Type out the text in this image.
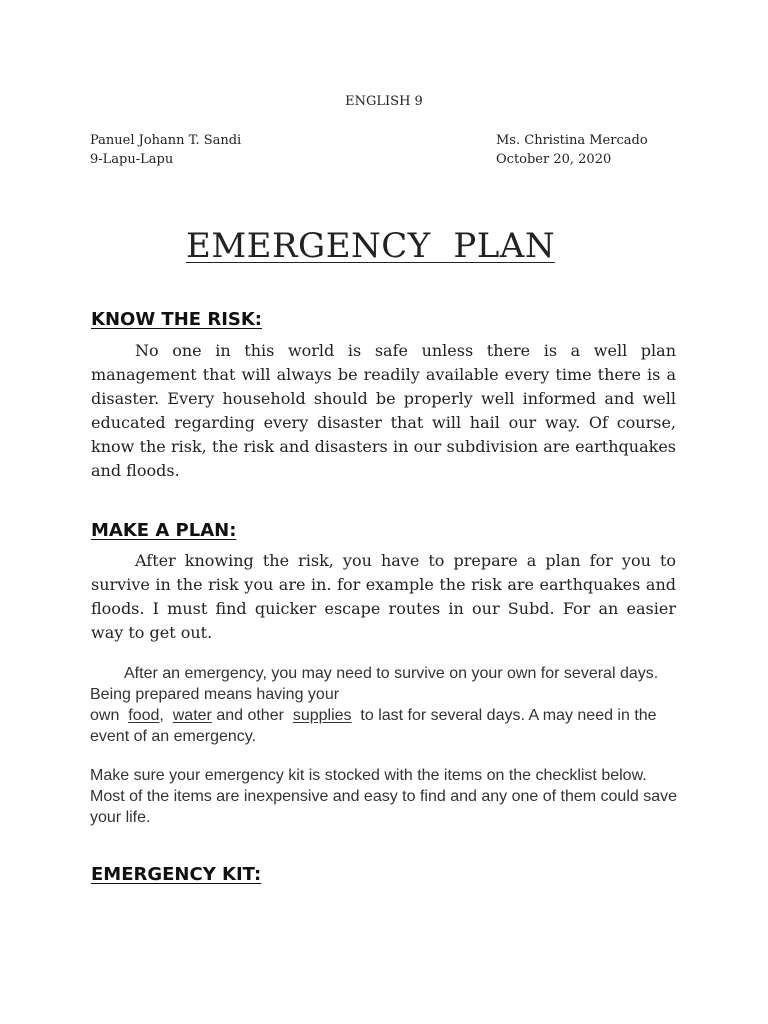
ENGLISH 9
Panuel Johann T. Sandi
9-Lapu-Lapu
Ms. Christina Mercado
October 20, 2020
EMERGENCY  PLAN
KNOW THE RISK:

No one in this world is safe unless there is a well plan management that will always be readily available every time there is a disaster. Every household should be properly well informed and well educated regarding every disaster that will hail our way. Of course, know the risk, the risk and disasters in our subdivision are earthquakes and floods.

MAKE A PLAN:

After knowing the risk, you have to prepare a plan for you to survive in the risk you are in. for example the risk are earthquakes and floods. I must find quicker escape routes in our Subd. For an easier way to get out.

After an emergency, you may need to survive on your own for several days. Being prepared means having your
own food, water and other supplies to last for several days. A may need in the event of an emergency.

Make sure your emergency kit is stocked with the items on the checklist below. Most of the items are inexpensive and easy to find and any one of them could save your life.

EMERGENCY KIT:
